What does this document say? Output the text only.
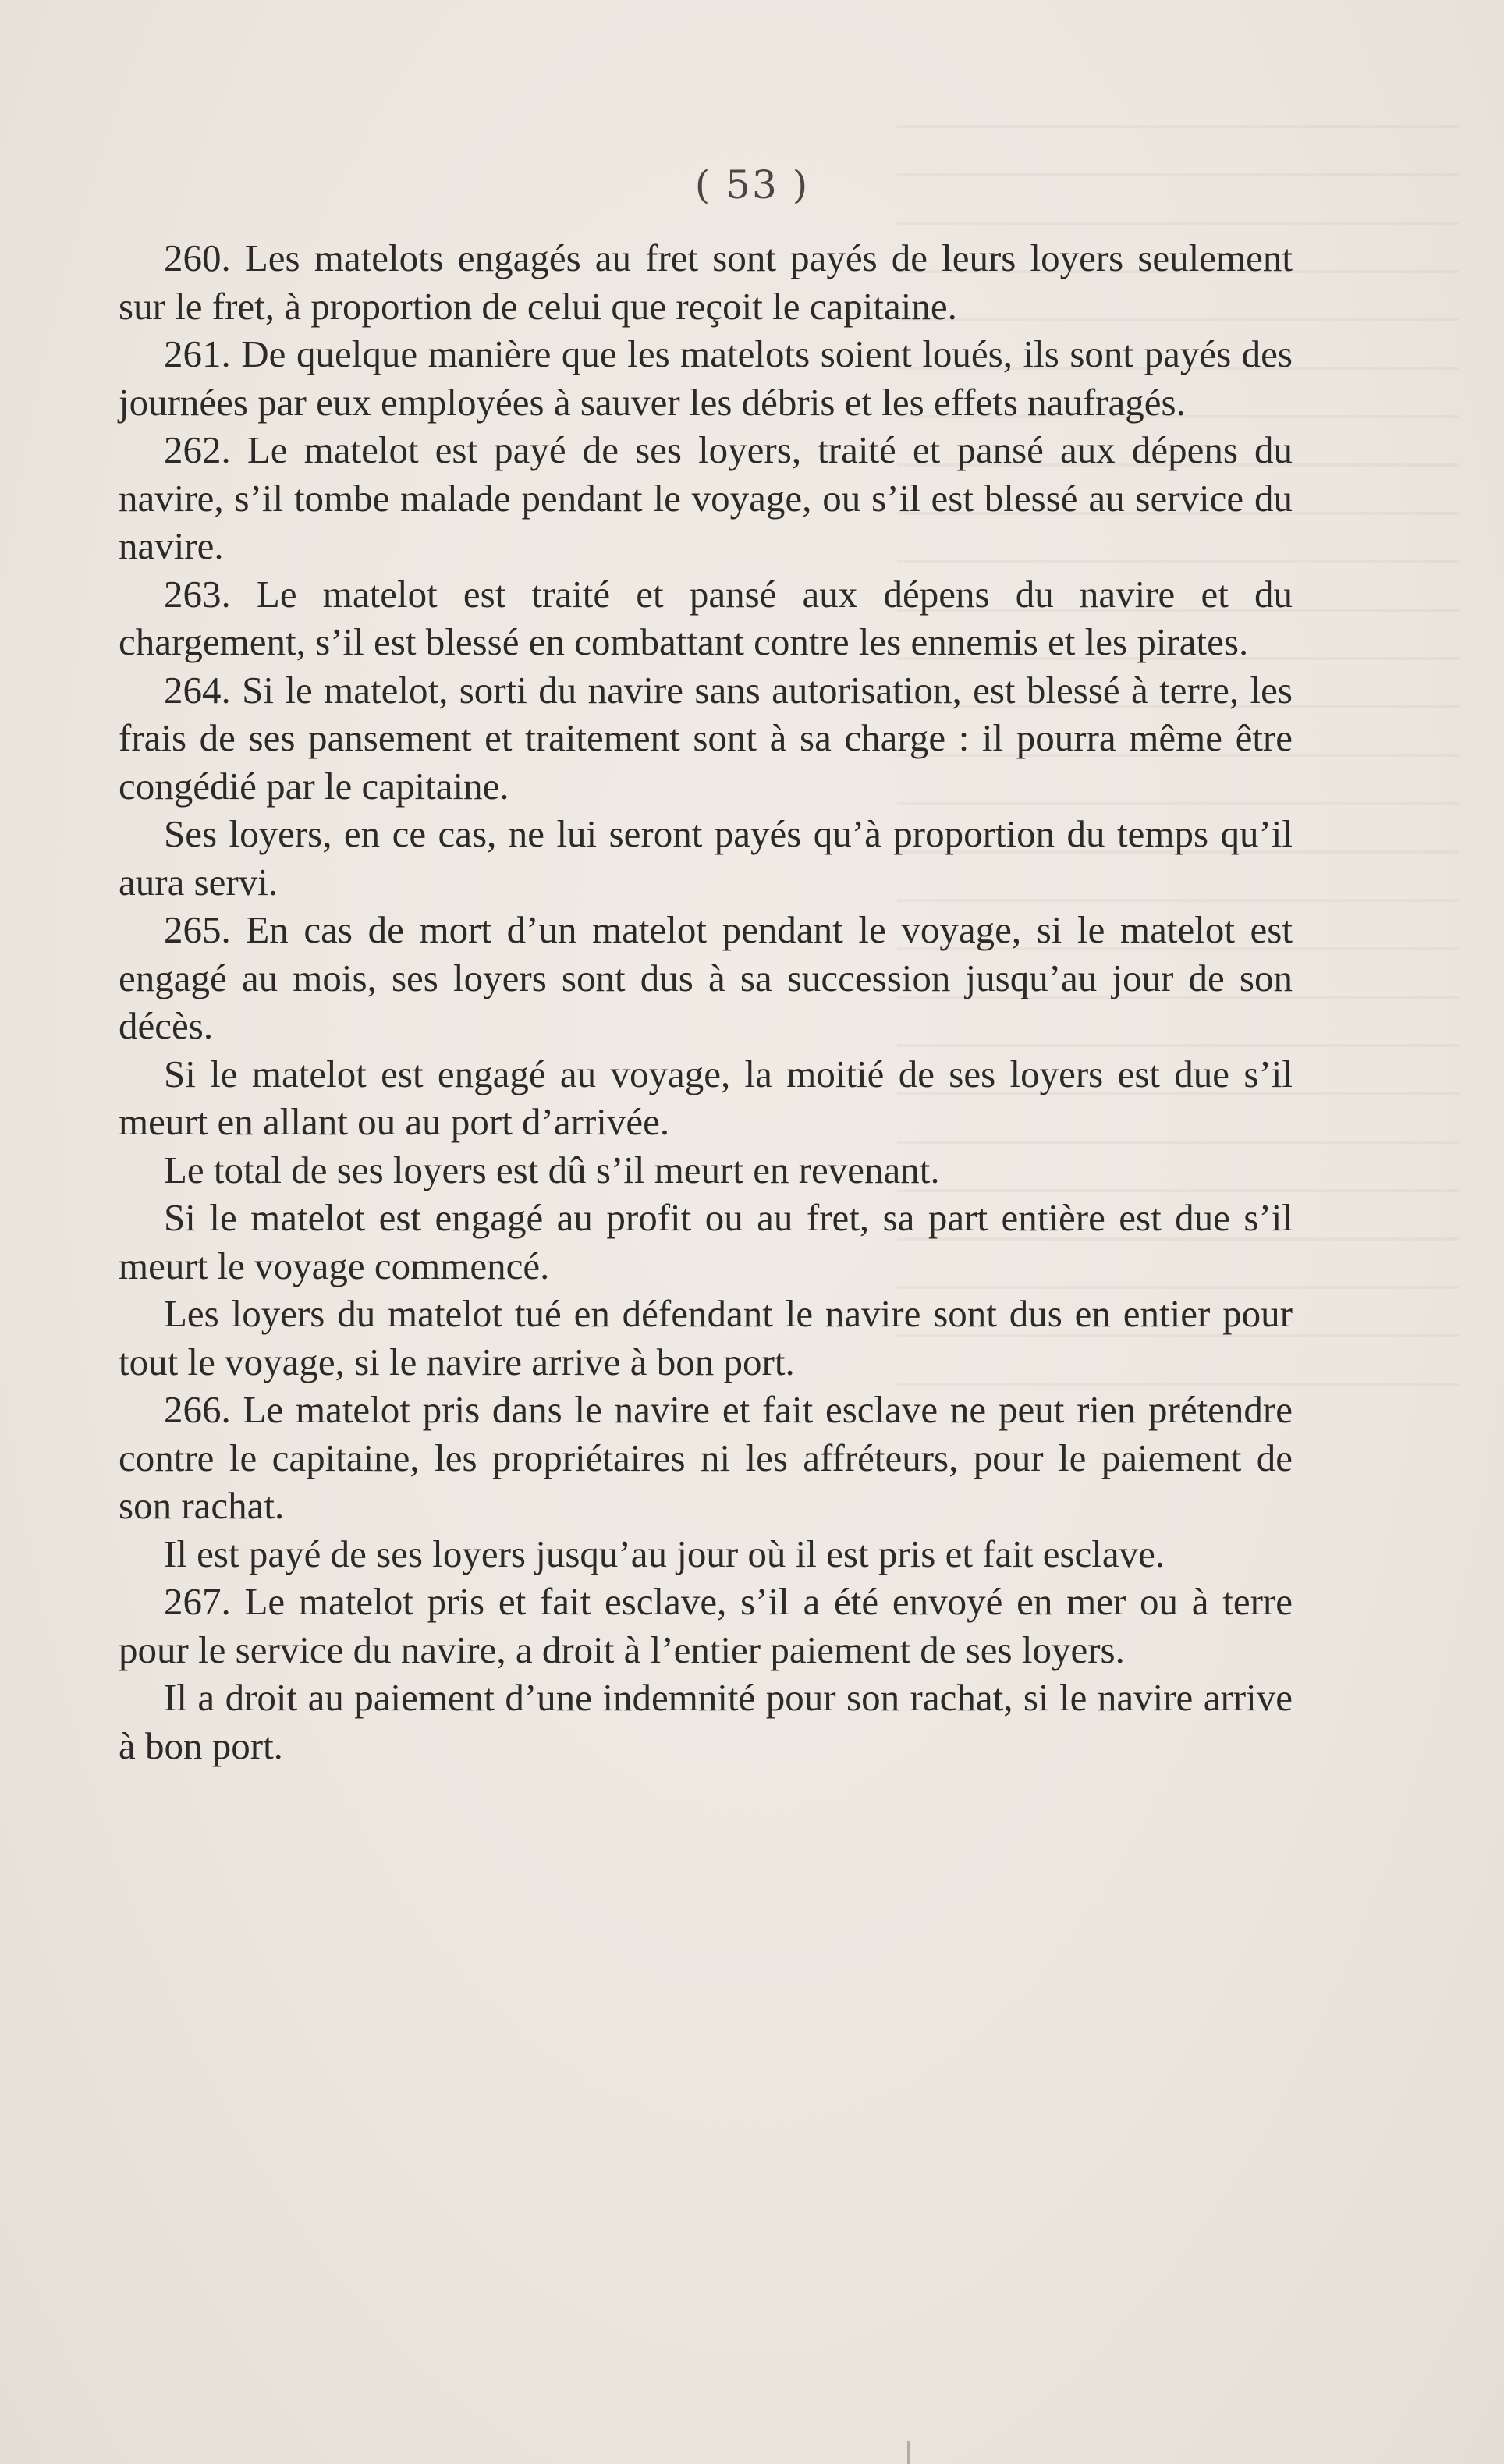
( 53 )

260. Les matelots engagés au fret sont payés de leurs loyers seulement sur le fret, à proportion de celui que reçoit le capitaine.

261. De quelque manière que les matelots soient loués, ils sont payés des journées par eux employées à sauver les débris et les effets naufragés.

262. Le matelot est payé de ses loyers, traité et pansé aux dépens du navire, s’il tombe malade pendant le voyage, ou s’il est blessé au service du navire.

263. Le matelot est traité et pansé aux dépens du navire et du chargement, s’il est blessé en combattant contre les ennemis et les pirates.

264. Si le matelot, sorti du navire sans autorisation, est blessé à terre, les frais de ses pansement et traitement sont à sa charge : il pourra même être congédié par le capitaine.

Ses loyers, en ce cas, ne lui seront payés qu’à proportion du temps qu’il aura servi.

265. En cas de mort d’un matelot pendant le voyage, si le matelot est engagé au mois, ses loyers sont dus à sa succession jusqu’au jour de son décès.

Si le matelot est engagé au voyage, la moitié de ses loyers est due s’il meurt en allant ou au port d’arrivée.

Le total de ses loyers est dû s’il meurt en revenant.

Si le matelot est engagé au profit ou au fret, sa part entière est due s’il meurt le voyage commencé.

Les loyers du matelot tué en défendant le navire sont dus en entier pour tout le voyage, si le navire arrive à bon port.

266. Le matelot pris dans le navire et fait esclave ne peut rien prétendre contre le capitaine, les propriétaires ni les affréteurs, pour le paiement de son rachat.

Il est payé de ses loyers jusqu’au jour où il est pris et fait esclave.

267. Le matelot pris et fait esclave, s’il a été envoyé en mer ou à terre pour le service du navire, a droit à l’entier paiement de ses loyers.

Il a droit au paiement d’une indemnité pour son rachat, si le navire arrive à bon port.
